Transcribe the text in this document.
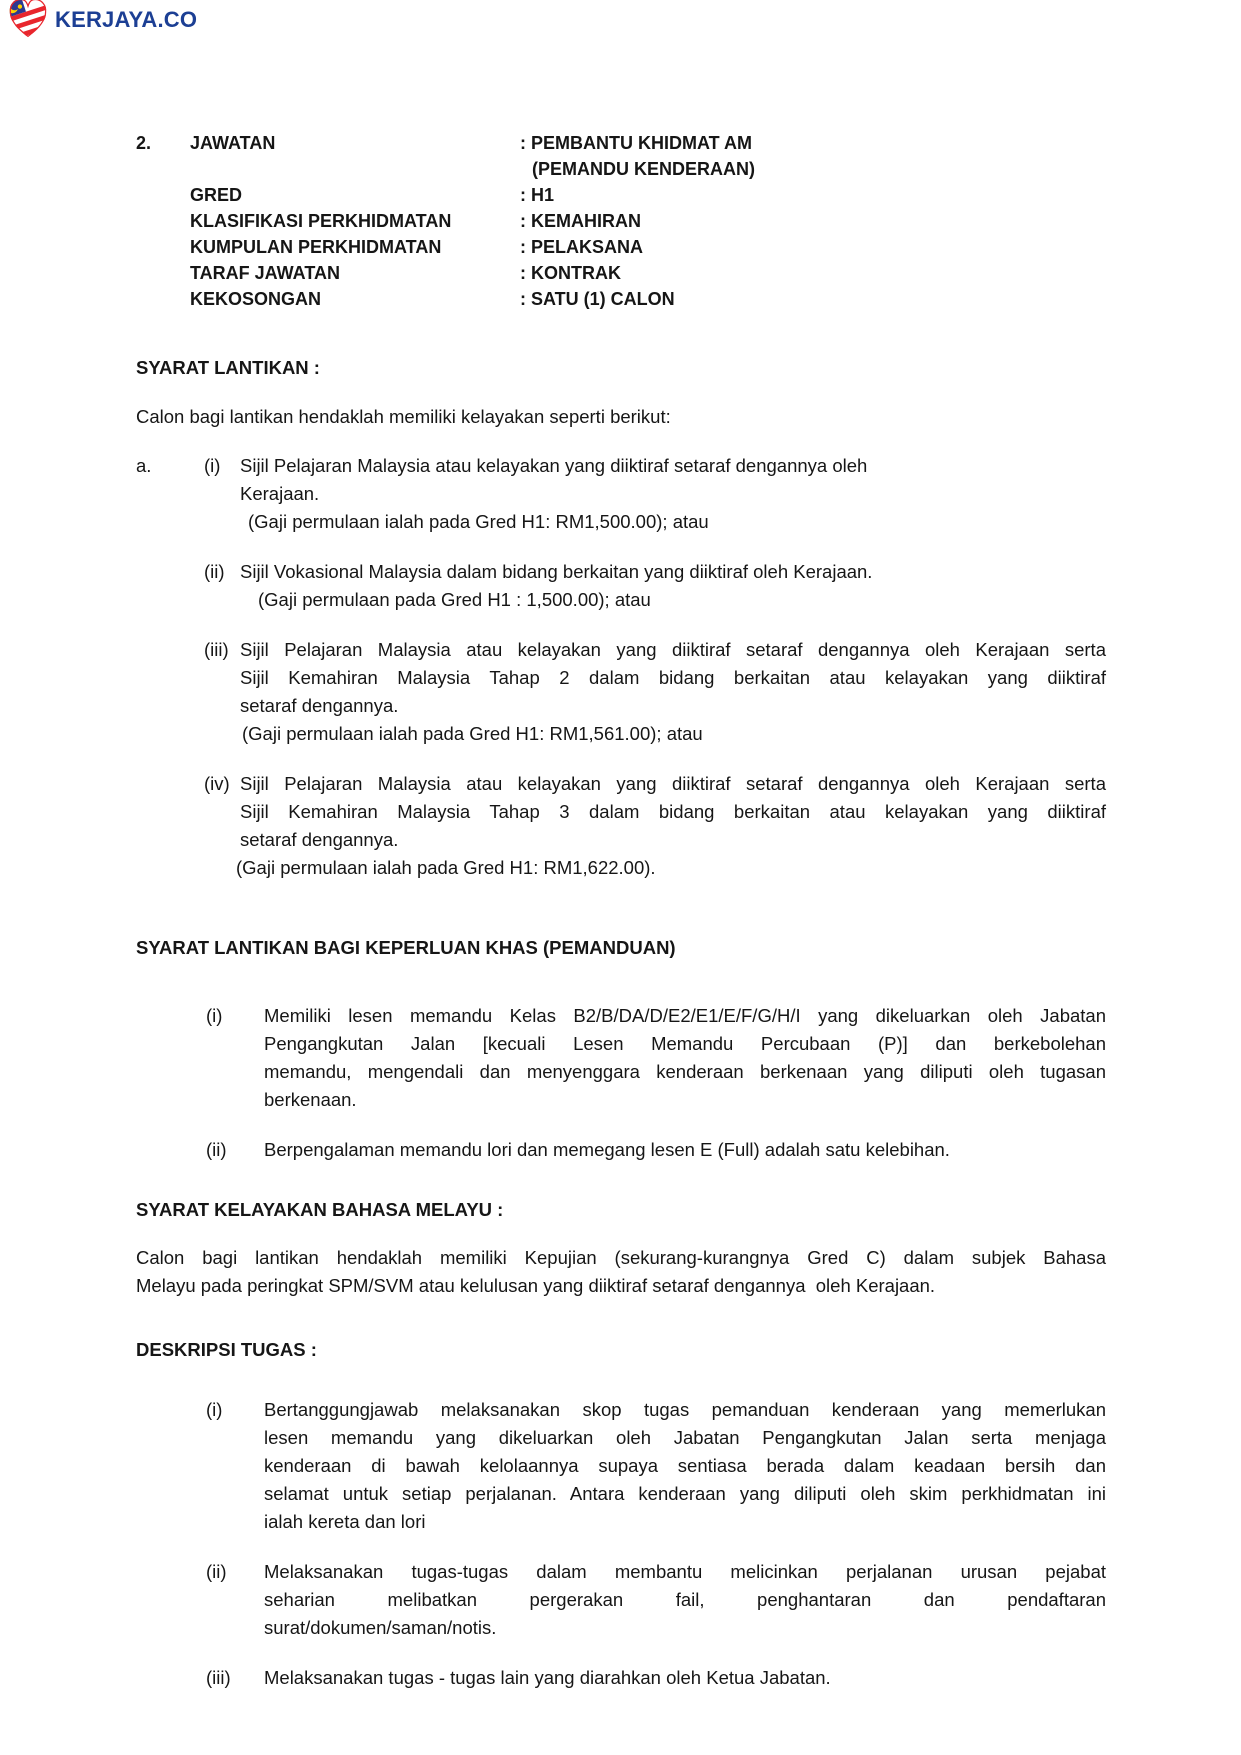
KERJAYA.CO
2.	JAWATAN	: PEMBANTU KHIDMAT AM
(PEMANDU KENDERAAN)
GRED	: H1
KLASIFIKASI PERKHIDMATAN	: KEMAHIRAN
KUMPULAN PERKHIDMATAN	: PELAKSANA
TARAF JAWATAN	: KONTRAK
KEKOSONGAN	: SATU (1) CALON
SYARAT LANTIKAN :

Calon bagi lantikan hendaklah memiliki kelayakan seperti berikut:

a.	(i)	Sijil Pelajaran Malaysia atau kelayakan yang diiktiraf setaraf dengannya oleh
Kerajaan.
(Gaji permulaan ialah pada Gred H1: RM1,500.00); atau
(ii) Sijil Vokasional Malaysia dalam bidang berkaitan yang diiktiraf oleh Kerajaan.
(Gaji permulaan pada Gred H1 : 1,500.00); atau
(iii) Sijil Pelajaran Malaysia atau kelayakan yang diiktiraf setaraf dengannya oleh Kerajaan serta
Sijil Kemahiran Malaysia Tahap 2 dalam bidang berkaitan atau kelayakan yang diiktiraf
setaraf dengannya.
(Gaji permulaan ialah pada Gred H1: RM1,561.00); atau
(iv) Sijil Pelajaran Malaysia atau kelayakan yang diiktiraf setaraf dengannya oleh Kerajaan serta
Sijil Kemahiran Malaysia Tahap 3 dalam bidang berkaitan atau kelayakan yang diiktiraf
setaraf dengannya.
(Gaji permulaan ialah pada Gred H1: RM1,622.00).
SYARAT LANTIKAN BAGI KEPERLUAN KHAS (PEMANDUAN)
(i)	Memiliki lesen memandu Kelas B2/B/DA/D/E2/E1/E/F/G/H/I yang dikeluarkan oleh Jabatan
Pengangkutan Jalan [kecuali Lesen Memandu Percubaan (P)] dan berkebolehan
memandu, mengendali dan menyenggara kenderaan berkenaan yang diliputi oleh tugasan
berkenaan.
(ii)	Berpengalaman memandu lori dan memegang lesen E (Full) adalah satu kelebihan.
SYARAT KELAYAKAN BAHASA MELAYU :
Calon bagi lantikan hendaklah memiliki Kepujian (sekurang-kurangnya Gred C) dalam subjek Bahasa
Melayu pada peringkat SPM/SVM atau kelulusan yang diiktiraf setaraf dengannya  oleh Kerajaan.
DESKRIPSI TUGAS :
(i)	Bertanggungjawab melaksanakan skop tugas pemanduan kenderaan yang memerlukan
lesen memandu yang dikeluarkan oleh Jabatan Pengangkutan Jalan serta menjaga
kenderaan di bawah kelolaannya supaya sentiasa berada dalam keadaan bersih dan
selamat untuk setiap perjalanan. Antara kenderaan yang diliputi oleh skim perkhidmatan ini
ialah kereta dan lori
(ii)	Melaksanakan tugas-tugas dalam membantu melicinkan perjalanan urusan pejabat
seharian melibatkan pergerakan fail, penghantaran dan pendaftaran
surat/dokumen/saman/notis.
(iii)	Melaksanakan tugas - tugas lain yang diarahkan oleh Ketua Jabatan.
